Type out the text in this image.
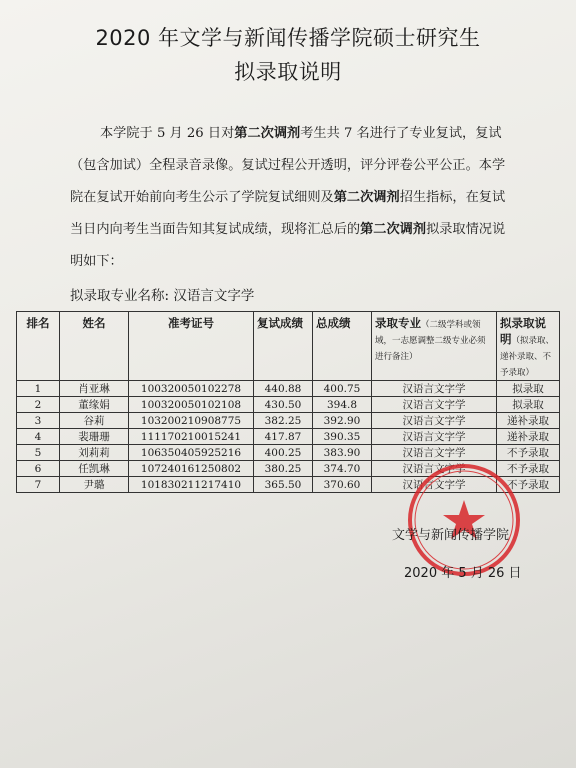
2020 年文学与新闻传播学院硕士研究生
拟录取说明
本学院于 5 月 26 日对第二次调剂考生共 7 名进行了专业复试，复试（包含加试）全程录音录像。复试过程公开透明，评分评卷公平公正。本学院在复试开始前向考生公示了学院复试细则及第二次调剂招生指标，在复试当日内向考生当面告知其复试成绩，现将汇总后的第二次调剂拟录取情况说明如下：
拟录取专业名称: 汉语言文字学
排名	姓名	准考证号	复试成绩	总成绩	录取专业（二级学科或领域，一志愿调整二级专业必须进行备注）	拟录取说明（拟录取、递补录取、不予录取）
1	肖亚琳	100320050102278	440.88	400.75	汉语言文字学	拟录取
2	董缘娟	100320050102108	430.50	394.8	汉语言文字学	拟录取
3	谷莉	103200210908775	382.25	392.90	汉语言文字学	递补录取
4	裴珊珊	111170210015241	417.87	390.35	汉语言文字学	递补录取
5	刘莉莉	106350405925216	400.25	383.90	汉语言文字学	不予录取
6	任凯琳	107240161250802	380.25	374.70	汉语言文字学	不予录取
7	尹璐	101830211217410	365.50	370.60	汉语言文字学	不予录取
文学与新闻传播学院
2020 年 5 月 26 日
